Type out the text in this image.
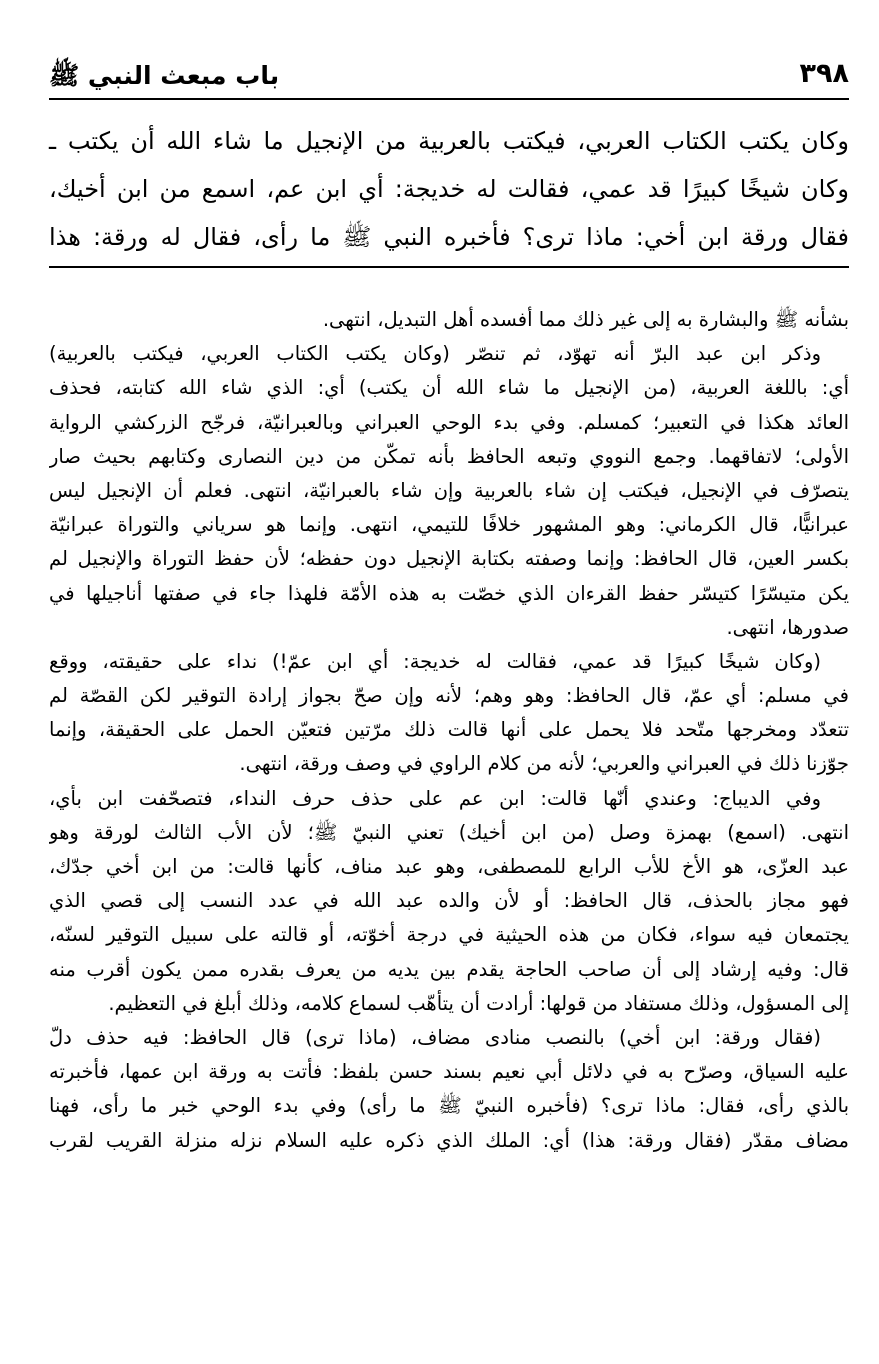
٣٩٨
باب مبعث النبي ﷺ

وكان يكتب الكتاب العربي، فيكتب بالعربية من الإنجيل ما شاء الله أن يكتب ـ

وكان شيخًا كبيرًا قد عمي، فقالت له خديجة: أي ابن عم، اسمع من ابن أخيك،

فقال ورقة ابن أخي: ماذا ترى؟ فأخبره النبي ﷺ ما رأى، فقال له ورقة: هذا

بشأنه ﷺ والبشارة به إلى غير ذلك مما أفسده أهل التبديل، انتهى.

وذكر ابن عبد البرّ أنه تهوّد، ثم تنصّر (وكان يكتب الكتاب العربي، فيكتب بالعربية)

أي: باللغة العربية، (من الإنجيل ما شاء الله أن يكتب) أي: الذي شاء الله كتابته، فحذف

العائد هكذا في التعبير؛ كمسلم. وفي بدء الوحي العبراني وبالعبرانيّة، فرجّح الزركشي الرواية

الأولى؛ لاتفاقهما. وجمع النووي وتبعه الحافظ بأنه تمكّن من دين النصارى وكتابهم بحيث صار

يتصرّف في الإنجيل، فيكتب إن شاء بالعربية وإن شاء بالعبرانيّة، انتهى. فعلم أن الإنجيل ليس

عبرانيًّا، قال الكرماني: وهو المشهور خلافًا للتيمي، انتهى. وإنما هو سرياني والتوراة عبرانيّة

بكسر العين، قال الحافظ: وإنما وصفته بكتابة الإنجيل دون حفظه؛ لأن حفظ التوراة والإنجيل لم

يكن متيسّرًا كتيسّر حفظ القرءان الذي خصّت به هذه الأمّة فلهذا جاء في صفتها أناجيلها في

صدورها، انتهى.

(وكان شيخًا كبيرًا قد عمي، فقالت له خديجة: أي ابن عمّ!) نداء على حقيقته، ووقع

في مسلم: أي عمّ، قال الحافظ: وهو وهم؛ لأنه وإن صحّ بجواز إرادة التوقير لكن القصّة لم

تتعدّد ومخرجها متّحد فلا يحمل على أنها قالت ذلك مرّتين فتعيّن الحمل على الحقيقة، وإنما

جوّزنا ذلك في العبراني والعربي؛ لأنه من كلام الراوي في وصف ورقة، انتهى.

وفي الديباج: وعندي أنّها قالت: ابن عم على حذف حرف النداء، فتصحّفت ابن بأي،

انتهى. (اسمع) بهمزة وصل (من ابن أخيك) تعني النبيّ ﷺ؛ لأن الأب الثالث لورقة وهو

عبد العزّى، هو الأخ للأب الرابع للمصطفى، وهو عبد مناف، كأنها قالت: من ابن أخي جدّك،

فهو مجاز بالحذف، قال الحافظ: أو لأن والده عبد الله في عدد النسب إلى قصي الذي

يجتمعان فيه سواء، فكان من هذه الحيثية في درجة أخوّته، أو قالته على سبيل التوقير لسنّه،

قال: وفيه إرشاد إلى أن صاحب الحاجة يقدم بين يديه من يعرف بقدره ممن يكون أقرب منه

إلى المسؤول، وذلك مستفاد من قولها: أرادت أن يتأهّب لسماع كلامه، وذلك أبلغ في التعظيم.

(فقال ورقة: ابن أخي) بالنصب منادى مضاف، (ماذا ترى) قال الحافظ: فيه حذف دلّ

عليه السياق، وصرّح به في دلائل أبي نعيم بسند حسن بلفظ: فأتت به ورقة ابن عمها، فأخبرته

بالذي رأى، فقال: ماذا ترى؟ (فأخبره النبيّ ﷺ ما رأى) وفي بدء الوحي خبر ما رأى، فهنا

مضاف مقدّر (فقال ورقة: هذا) أي: الملك الذي ذكره عليه السلام نزله منزلة القريب لقرب
